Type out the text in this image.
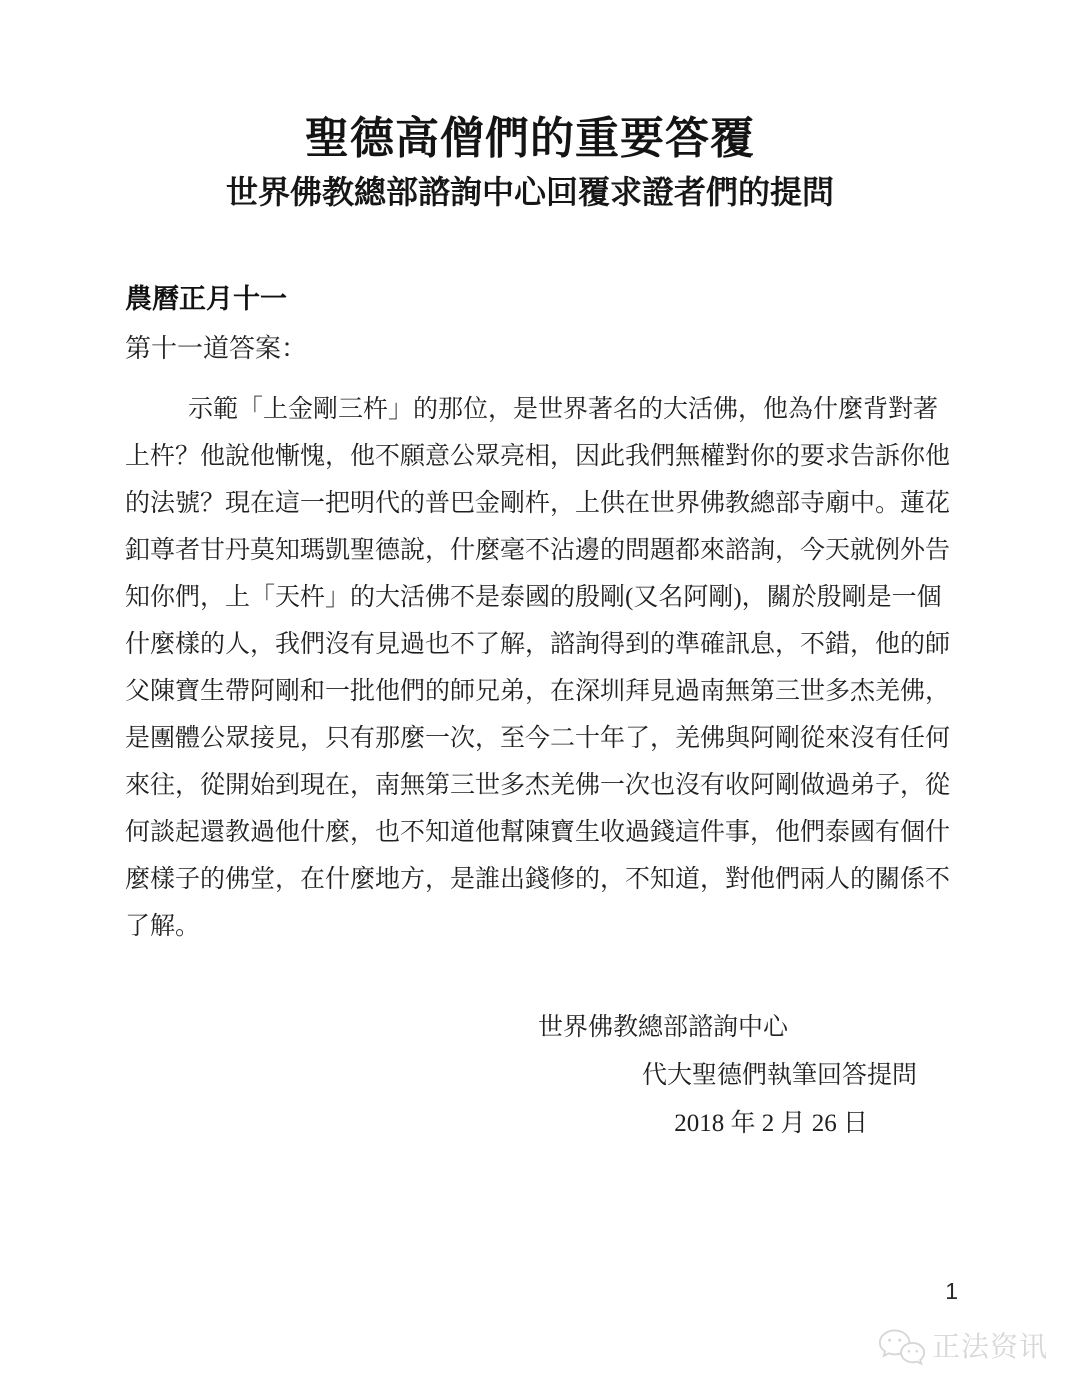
聖德高僧們的重要答覆
世界佛教總部諮詢中心回覆求證者們的提問
農曆正月十一
第十一道答案：
示範「上金剛三杵」的那位，是世界著名的大活佛，他為什麼背對著
上杵？他說他慚愧，他不願意公眾亮相，因此我們無權對你的要求告訴你他
的法號？現在這一把明代的普巴金剛杵，上供在世界佛教總部寺廟中。蓮花
釦尊者甘丹莫知瑪凱聖德說，什麼毫不沾邊的問題都來諮詢，今天就例外告
知你們，上「天杵」的大活佛不是泰國的殷剛(又名阿剛)，關於殷剛是一個
什麼樣的人，我們沒有見過也不了解，諮詢得到的準確訊息，不錯，他的師
父陳寶生帶阿剛和一批他們的師兄弟，在深圳拜見過南無第三世多杰羌佛，
是團體公眾接見，只有那麼一次，至今二十年了，羌佛與阿剛從來沒有任何
來往，從開始到現在，南無第三世多杰羌佛一次也沒有收阿剛做過弟子，從
何談起還教過他什麼，也不知道他幫陳寶生收過錢這件事，他們泰國有個什
麼樣子的佛堂，在什麼地方，是誰出錢修的，不知道，對他們兩人的關係不
了解。
世界佛教總部諮詢中心
代大聖德們執筆回答提問
2018 年 2 月 26 日
1
正法资讯
